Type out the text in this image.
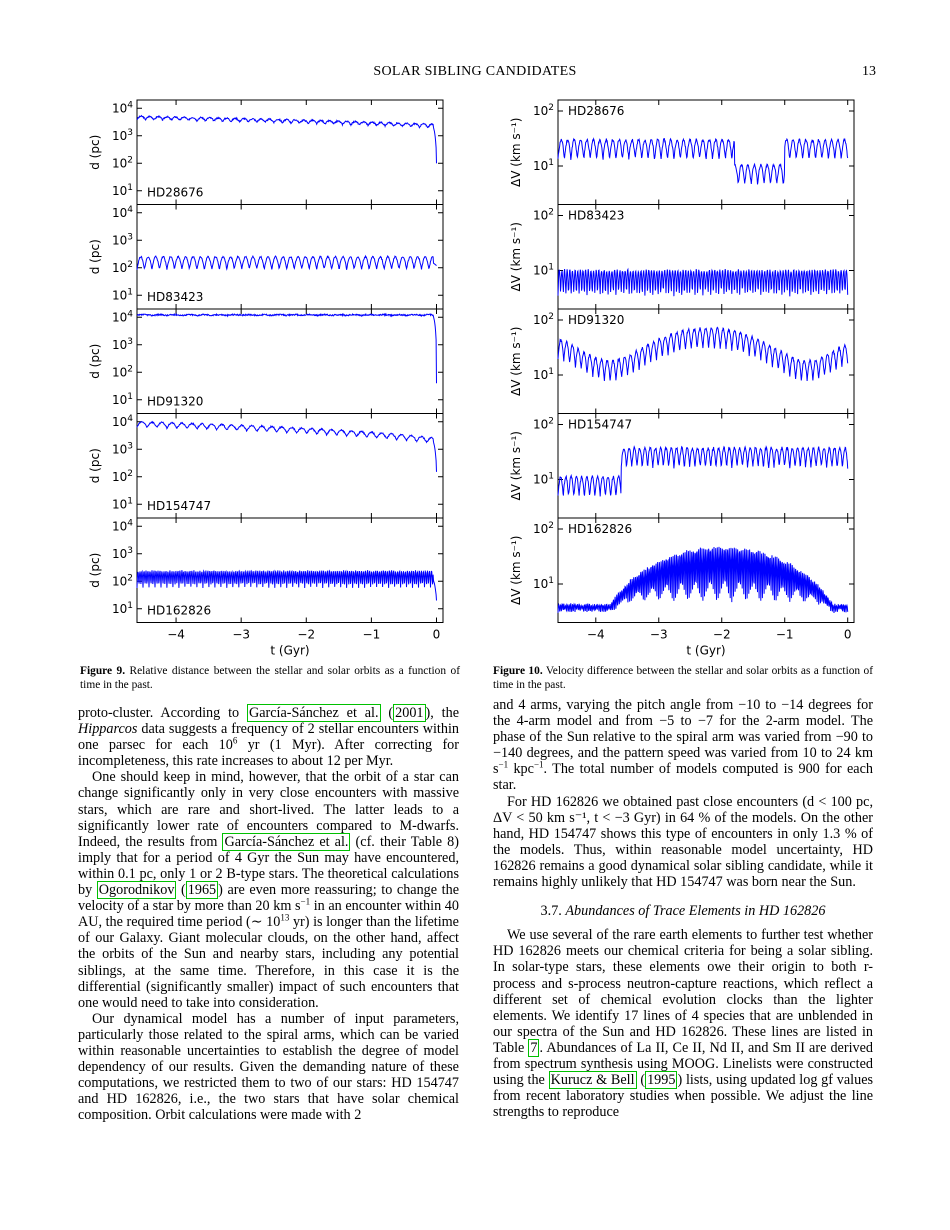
SOLAR SIBLING CANDIDATES	13
$10^1$
$10^2$
$10^3$
$10^4$
d (pc)
HD28676
$10^1$
$10^2$
$10^3$
$10^4$
d (pc)
HD83423
$10^1$
$10^2$
$10^3$
$10^4$
d (pc)
HD91320
$10^1$
$10^2$
$10^3$
$10^4$
d (pc)
HD154747
$10^1$
$10^2$
$10^3$
$10^4$
d (pc)
HD162826
−4	−3	−2	−1	0
t (Gyr)
$10^1$
$10^2$
ΔV (km s⁻¹)
HD28676
$10^1$
$10^2$
ΔV (km s⁻¹)
HD83423
$10^1$
$10^2$
ΔV (km s⁻¹)
HD91320
$10^1$
$10^2$
ΔV (km s⁻¹)
HD154747
$10^1$
$10^2$
ΔV (km s⁻¹)
HD162826
−4	−3	−2	−1	0
t (Gyr)
Figure 9. Relative distance between the stellar and solar orbits as a function of time in the past.
Figure 10. Velocity difference between the stellar and solar orbits as a function of time in the past.

proto-cluster. According to García-Sánchez et al. ( 2001 ), the Hipparcos data suggests a frequency of 2 stellar encounters within one parsec for each $10^6$ yr (1 Myr). After correcting for incompleteness, this rate increases to about 12 per Myr.

One should keep in mind, however, that the orbit of a star can change significantly only in very close encounters with massive stars, which are rare and short-lived. The latter leads to a significantly lower rate of encounters compared to M-dwarfs. Indeed, the results from García-Sánchez et al. (cf. their Table 8) imply that for a period of 4 Gyr the Sun may have encountered, within 0.1 pc, only 1 or 2 B-type stars. The theoretical calculations by Ogorodnikov ( 1965 ) are even more reassuring; to change the velocity of a star by more than 20 km $s^{-1}$ in an encounter within 40 AU, the required time period (∼ $10^{13}$ yr) is longer than the lifetime of our Galaxy. Giant molecular clouds, on the other hand, affect the orbits of the Sun and nearby stars, including any potential siblings, at the same time. Therefore, in this case it is the differential (significantly smaller) impact of such encounters that one would need to take into consideration.

Our dynamical model has a number of input parameters, particularly those related to the spiral arms, which can be varied within reasonable uncertainties to establish the degree of model dependency of our results. Given the demanding nature of these computations, we restricted them to two of our stars: HD 154747 and HD 162826, i.e., the two stars that have solar chemical composition. Orbit calculations were made with 2

and 4 arms, varying the pitch angle from −10 to −14 degrees for the 4-arm model and from −5 to −7 for the 2-arm model. The phase of the Sun relative to the spiral arm was varied from −90 to −140 degrees, and the pattern speed was varied from 10 to 24 km $s^{-1}$ kpc$^{-1}$. The total number of models computed is 900 for each star.

For HD 162826 we obtained past close encounters (d < 100 pc, ΔV < 50 km s⁻¹, t < −3 Gyr) in 64 % of the models. On the other hand, HD 154747 shows this type of encounters in only 1.3 % of the models. Thus, within reasonable model uncertainty, HD 162826 remains a good dynamical solar sibling candidate, while it remains highly unlikely that HD 154747 was born near the Sun.

3.7. Abundances of Trace Elements in HD 162826

We use several of the rare earth elements to further test whether HD 162826 meets our chemical criteria for being a solar sibling. In solar-type stars, these elements owe their origin to both r-process and s-process neutron-capture reactions, which reflect a different set of chemical evolution clocks than the lighter elements. We identify 17 lines of 4 species that are unblended in our spectra of the Sun and HD 162826. These lines are listed in Table 7 . Abundances of La II, Ce II, Nd II, and Sm II are derived from spectrum synthesis using MOOG. Linelists were constructed using the Kurucz & Bell ( 1995 ) lists, using updated log gf values from recent laboratory studies when possible. We adjust the line strengths to reproduce
